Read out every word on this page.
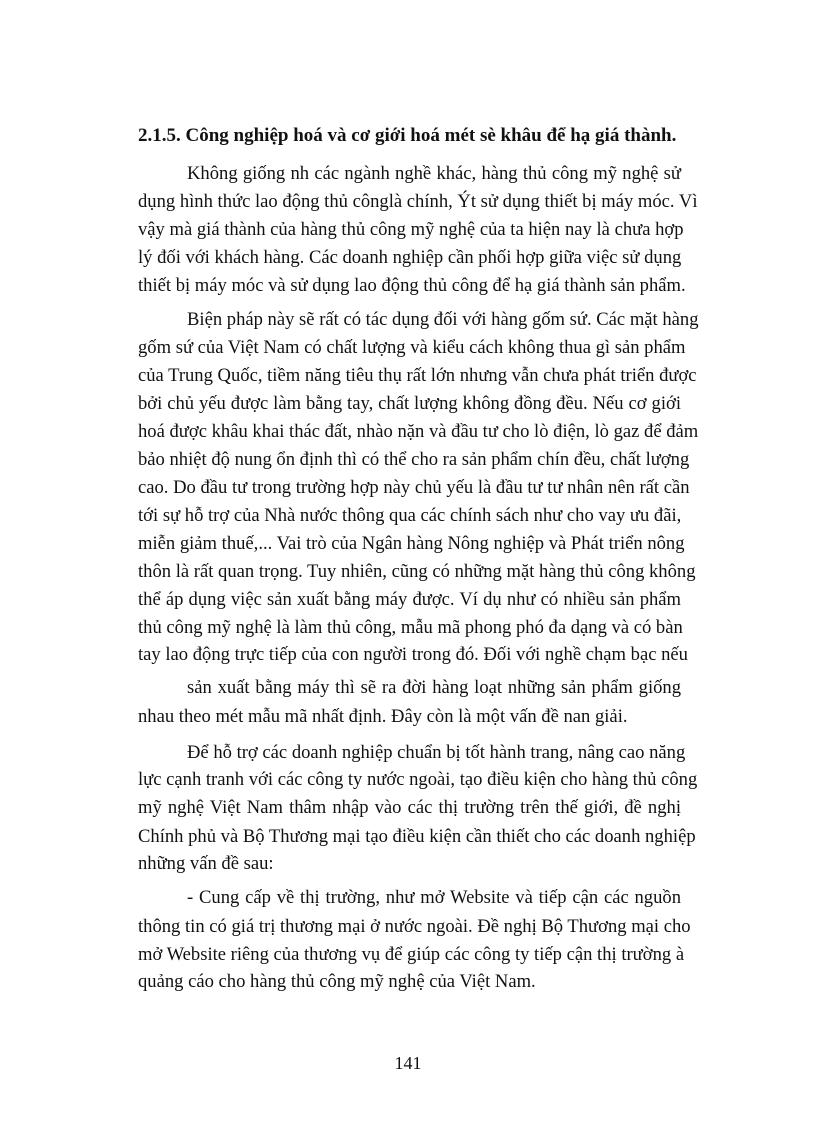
2.1.5. Công nghiệp hoá và cơ giới hoá mét sè khâu để hạ giá thành.
Không giống nh các ngành nghề khác, hàng thủ công mỹ nghệ sử
dụng hình thức lao động thủ cônglà chính, Ýt sử dụng thiết bị máy móc. Vì
vậy mà giá thành của hàng thủ công mỹ nghệ của ta hiện nay là chưa hợp
lý đối với khách hàng. Các doanh nghiệp cần phối hợp giữa việc sử dụng
thiết bị máy móc và sử dụng lao động thủ công để hạ giá thành sản phẩm.
Biện pháp này sẽ rất có tác dụng đối với hàng gốm sứ. Các mặt hàng
gốm sứ của Việt Nam có chất lượng và kiểu cách không thua gì sản phẩm
của Trung Quốc, tiềm năng tiêu thụ rất lớn nhưng vẫn chưa phát triển được
bởi chủ yếu được làm bằng tay, chất lượng không đồng đều. Nếu cơ giới
hoá được khâu khai thác đất, nhào nặn và đầu tư cho lò điện, lò gaz để đảm
bảo nhiệt độ nung ổn định thì có thể cho ra sản phẩm chín đều, chất lượng
cao. Do đầu tư trong trường hợp này chủ yếu là đầu tư tư nhân nên rất cần
tới sự hỗ trợ của Nhà nước thông qua các chính sách như cho vay ưu đãi,
miễn giảm thuế,... Vai trò của Ngân hàng Nông nghiệp và Phát triển nông
thôn là rất quan trọng. Tuy nhiên, cũng có những mặt hàng thủ công không
thể áp dụng việc sản xuất bằng máy được. Ví dụ như có nhiều sản phẩm
thủ công mỹ nghệ là làm thủ công, mẫu mã phong phó đa dạng và có bàn
tay lao động trực tiếp của con người trong đó. Đối với nghề chạm bạc nếu
sản xuất bằng máy thì sẽ ra đời hàng loạt những sản phẩm giống
nhau theo mét mẫu mã nhất định. Đây còn là một vấn đề nan giải.
Để hỗ trợ các doanh nghiệp chuẩn bị tốt hành trang, nâng cao năng
lực cạnh tranh với các công ty nước ngoài, tạo điều kiện cho hàng thủ công
mỹ nghệ Việt Nam thâm nhập vào các thị trường trên thế giới, đề nghị
Chính phủ và Bộ Thương mại tạo điều kiện cần thiết cho các doanh nghiệp
những vấn đề sau:
- Cung cấp về thị trường, như mở Website và tiếp cận các nguồn
thông tin có giá trị thương mại ở nước ngoài. Đề nghị Bộ Thương mại cho
mở Website riêng của thương vụ để giúp các công ty tiếp cận thị trường à
quảng cáo cho hàng thủ công mỹ nghệ của Việt Nam.
141
